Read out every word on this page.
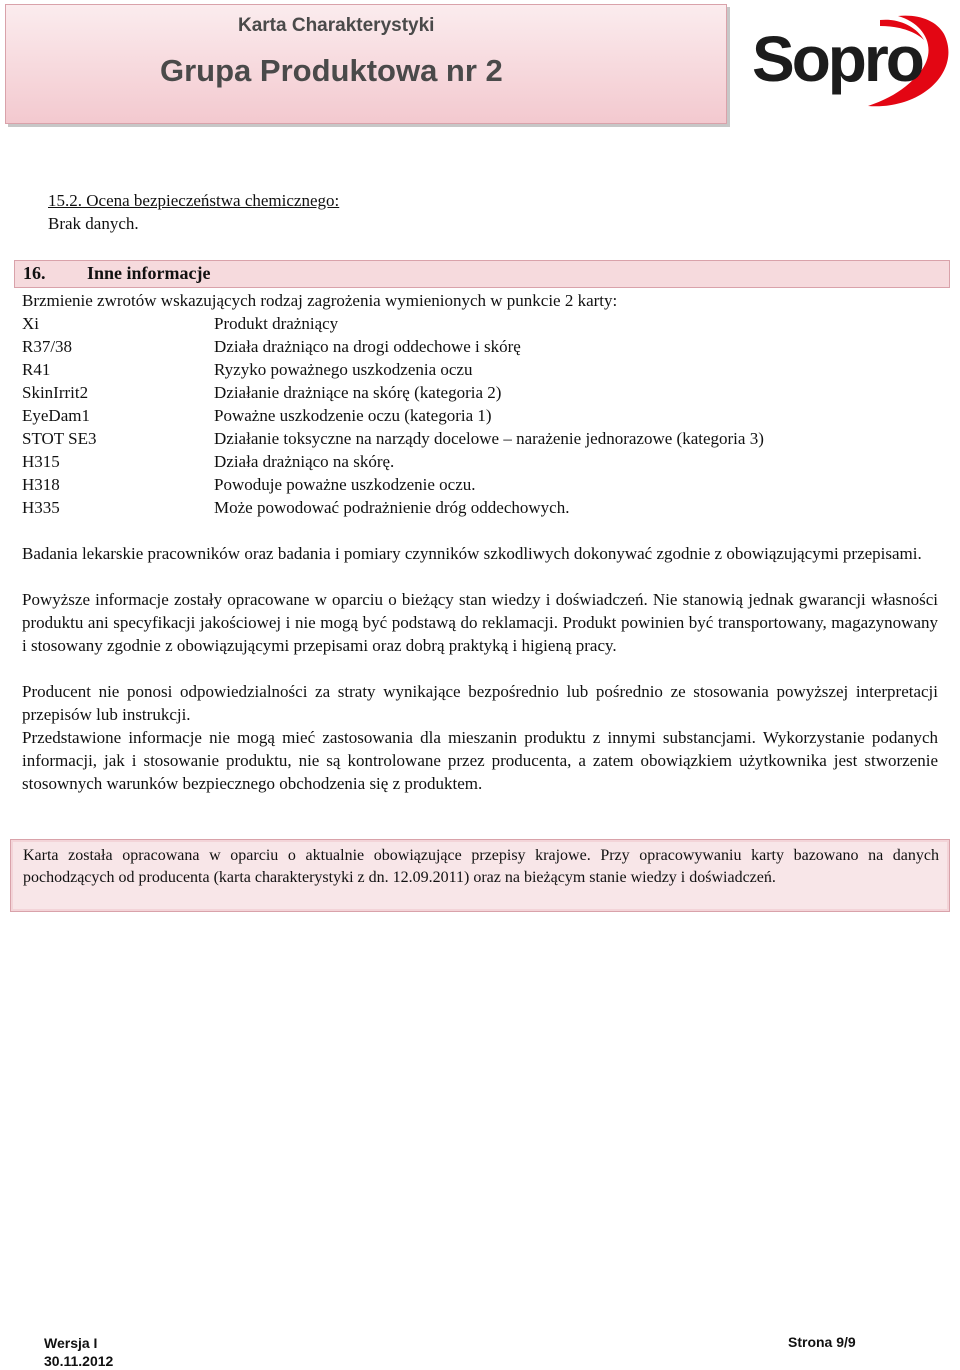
Karta Charakterystyki
Grupa Produktowa nr 2	Sopro
15.2. Ocena bezpieczeństwa chemicznego:
Brak danych.
16. Inne informacje
Brzmienie zwrotów wskazujących rodzaj zagrożenia wymienionych w punkcie 2 karty:
Xi	Produkt drażniący
R37/38	Działa drażniąco na drogi oddechowe i skórę
R41	Ryzyko poważnego uszkodzenia oczu
SkinIrrit2	Działanie drażniące na skórę (kategoria 2)
EyeDam1	Poważne uszkodzenie oczu (kategoria 1)
STOT SE3	Działanie toksyczne na narządy docelowe – narażenie jednorazowe (kategoria 3)
H315	Działa drażniąco na skórę.
H318	Powoduje poważne uszkodzenie oczu.
H335	Może powodować podrażnienie dróg oddechowych.
Badania lekarskie pracowników oraz badania i pomiary czynników szkodliwych dokonywać zgodnie z obowiązującymi przepisami.
Powyższe informacje zostały opracowane w oparciu o bieżący stan wiedzy i doświadczeń. Nie stanowią jednak gwarancji własności produktu ani specyfikacji jakościowej i nie mogą być podstawą do reklamacji. Produkt powinien być transportowany, magazynowany i stosowany zgodnie z obowiązującymi przepisami oraz dobrą praktyką i higieną pracy.
Producent nie ponosi odpowiedzialności za straty wynikające bezpośrednio lub pośrednio ze stosowania powyższej interpretacji przepisów lub instrukcji.
Przedstawione informacje nie mogą mieć zastosowania dla mieszanin produktu z innymi substancjami. Wykorzystanie podanych informacji, jak i stosowanie produktu, nie są kontrolowane przez producenta, a zatem obowiązkiem użytkownika jest stworzenie stosownych warunków bezpiecznego obchodzenia się z produktem.
Karta została opracowana w oparciu o aktualnie obowiązujące przepisy krajowe. Przy opracowywaniu karty bazowano na danych pochodzących od producenta (karta charakterystyki z dn. 12.09.2011) oraz na bieżącym stanie wiedzy i doświadczeń.
Wersja I
30.11.2012
Strona 9/9
